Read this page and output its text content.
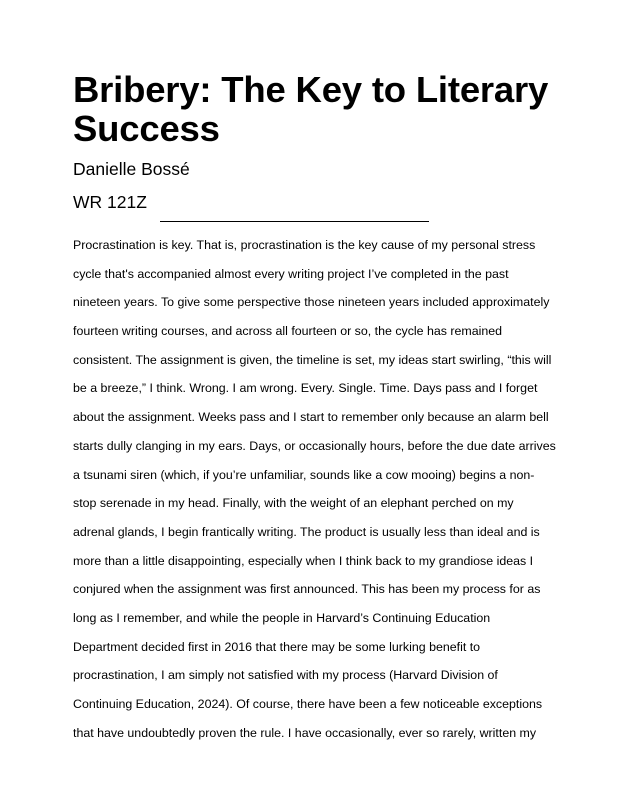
Bribery: The Key to Literary Success

Danielle Bossé

WR 121Z

Procrastination is key. That is, procrastination is the key cause of my personal stress
cycle that's accompanied almost every writing project I’ve completed in the past
nineteen years. To give some perspective those nineteen years included approximately
fourteen writing courses, and across all fourteen or so, the cycle has remained
consistent. The assignment is given, the timeline is set, my ideas start swirling, “this will
be a breeze,” I think. Wrong. I am wrong. Every. Single. Time. Days pass and I forget
about the assignment. Weeks pass and I start to remember only because an alarm bell
starts dully clanging in my ears. Days, or occasionally hours, before the due date arrives
a tsunami siren (which, if you’re unfamiliar, sounds like a cow mooing) begins a non-
stop serenade in my head. Finally, with the weight of an elephant perched on my
adrenal glands, I begin frantically writing. The product is usually less than ideal and is
more than a little disappointing, especially when I think back to my grandiose ideas I
conjured when the assignment was first announced. This has been my process for as
long as I remember, and while the people in Harvard’s Continuing Education
Department decided first in 2016 that there may be some lurking benefit to
procrastination, I am simply not satisfied with my process (Harvard Division of
Continuing Education, 2024). Of course, there have been a few noticeable exceptions
that have undoubtedly proven the rule. I have occasionally, ever so rarely, written my
